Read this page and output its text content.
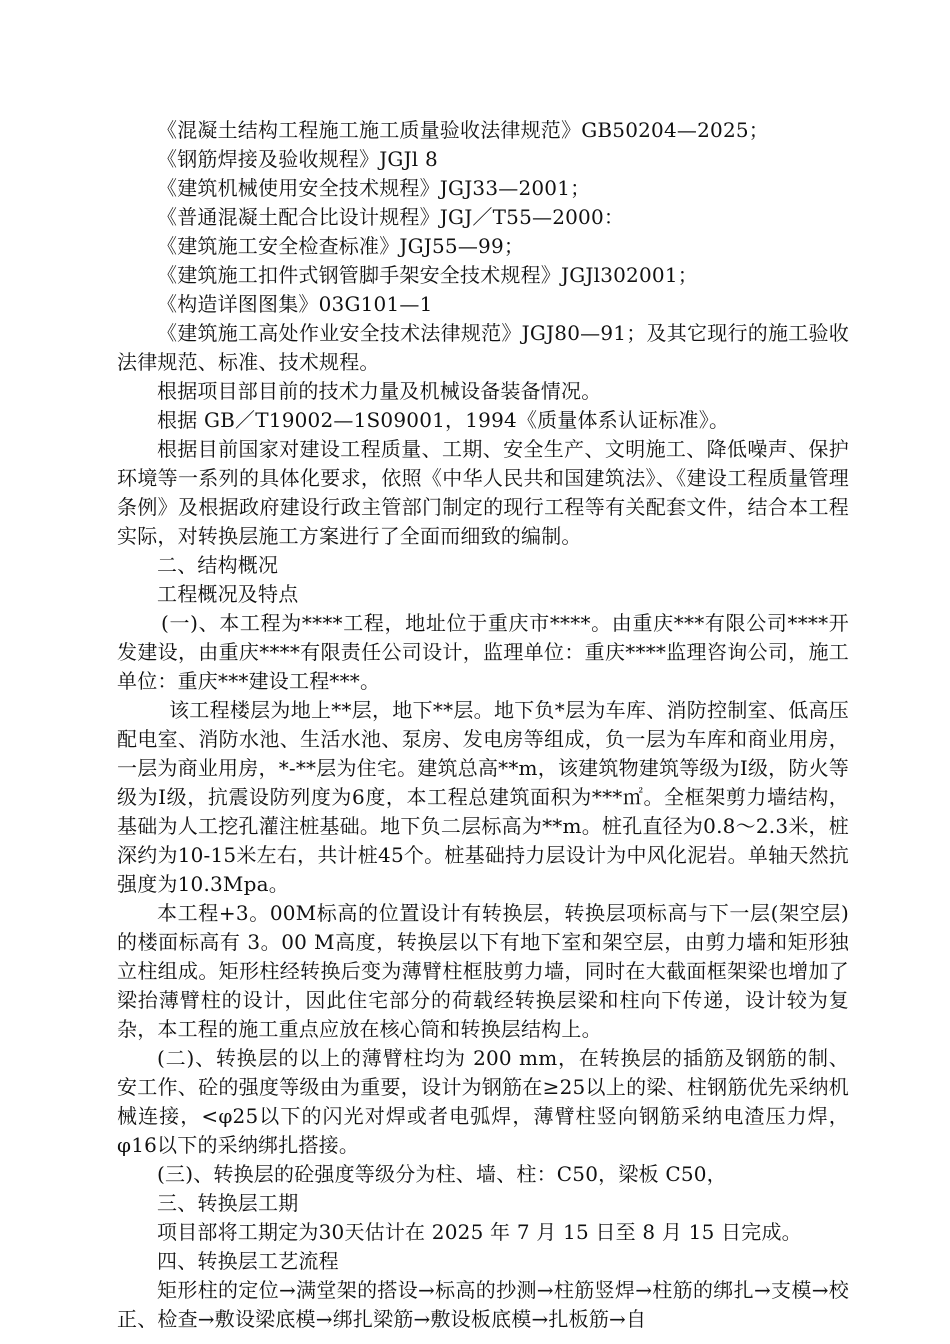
《混凝土结构工程施工施工质量验收法律规范》GB50204—2025；

《钢筋焊接及验收规程》JGJl 8

《建筑机械使用安全技术规程》JGJ33—2001；

《普通混凝土配合比设计规程》JGJ／T55—2000：

《建筑施工安全检查标准》JGJ55—99；

《建筑施工扣件式钢管脚手架安全技术规程》JGJl302001；

《构造详图图集》03G101—1

《建筑施工高处作业安全技术法律规范》JGJ80—91；及其它现行的施工验收法律规范、标准、技术规程。

根据项目部目前的技术力量及机械设备装备情况。

根据 GB／T19002—1S09001，1994《质量体系认证标准》。

根据目前国家对建设工程质量、工期、安全生产、文明施工、降低噪声、保护环境等一系列的具体化要求，依照《中华人民共和国建筑法》、《建设工程质量管理条例》及根据政府建设行政主管部门制定的现行工程等有关配套文件，结合本工程实际，对转换层施工方案进行了全面而细致的编制。

二、结构概况

工程概况及特点

(一)、本工程为****工程，地址位于重庆市****。由重庆***有限公司****开发建设，由重庆****有限责任公司设计，监理单位：重庆****监理咨询公司，施工单位：重庆***建设工程***。

该工程楼层为地上**层，地下**层。地下负*层为车库、消防控制室、低高压配电室、消防水池、生活水池、泵房、发电房等组成，负一层为车库和商业用房，一层为商业用房，*-**层为住宅。建筑总高**m，该建筑物建筑等级为Ⅰ级，防火等级为Ⅰ级，抗震设防列度为6度，本工程总建筑面积为***㎡。全框架剪力墙结构，基础为人工挖孔灌注桩基础。地下负二层标高为**m。桩孔直径为0.8～2.3米，桩深约为10-15米左右，共计桩45个。桩基础持力层设计为中风化泥岩。单轴天然抗强度为10.3Mpa。

本工程+3。00M标高的位置设计有转换层，转换层项标高与下一层(架空层)的楼面标高有 3。00 M高度，转换层以下有地下室和架空层，由剪力墙和矩形独立柱组成。矩形柱经转换后变为薄臂柱框肢剪力墙，同时在大截面框架梁也增加了梁抬薄臂柱的设计，因此住宅部分的荷载经转换层梁和柱向下传递，设计较为复杂，本工程的施工重点应放在核心筒和转换层结构上。

(二)、转换层的以上的薄臂柱均为 200 mm，在转换层的插筋及钢筋的制、安工作、砼的强度等级由为重要，设计为钢筋在≥25以上的梁、柱钢筋优先采纳机械连接，<φ25以下的闪光对焊或者电弧焊，薄臂柱竖向钢筋采纳电渣压力焊，φ16以下的采纳绑扎搭接。

(三)、转换层的砼强度等级分为柱、墙、柱：C50，梁板 C50，

三、转换层工期

项目部将工期定为30天估计在 2025 年 7 月 15 日至 8 月 15 日完成。

四、转换层工艺流程

矩形柱的定位→满堂架的搭设→标高的抄测→柱筋竖焊→柱筋的绑扎→支模→校正、检查→敷设梁底模→绑扎梁筋→敷设板底模→扎板筋→自
